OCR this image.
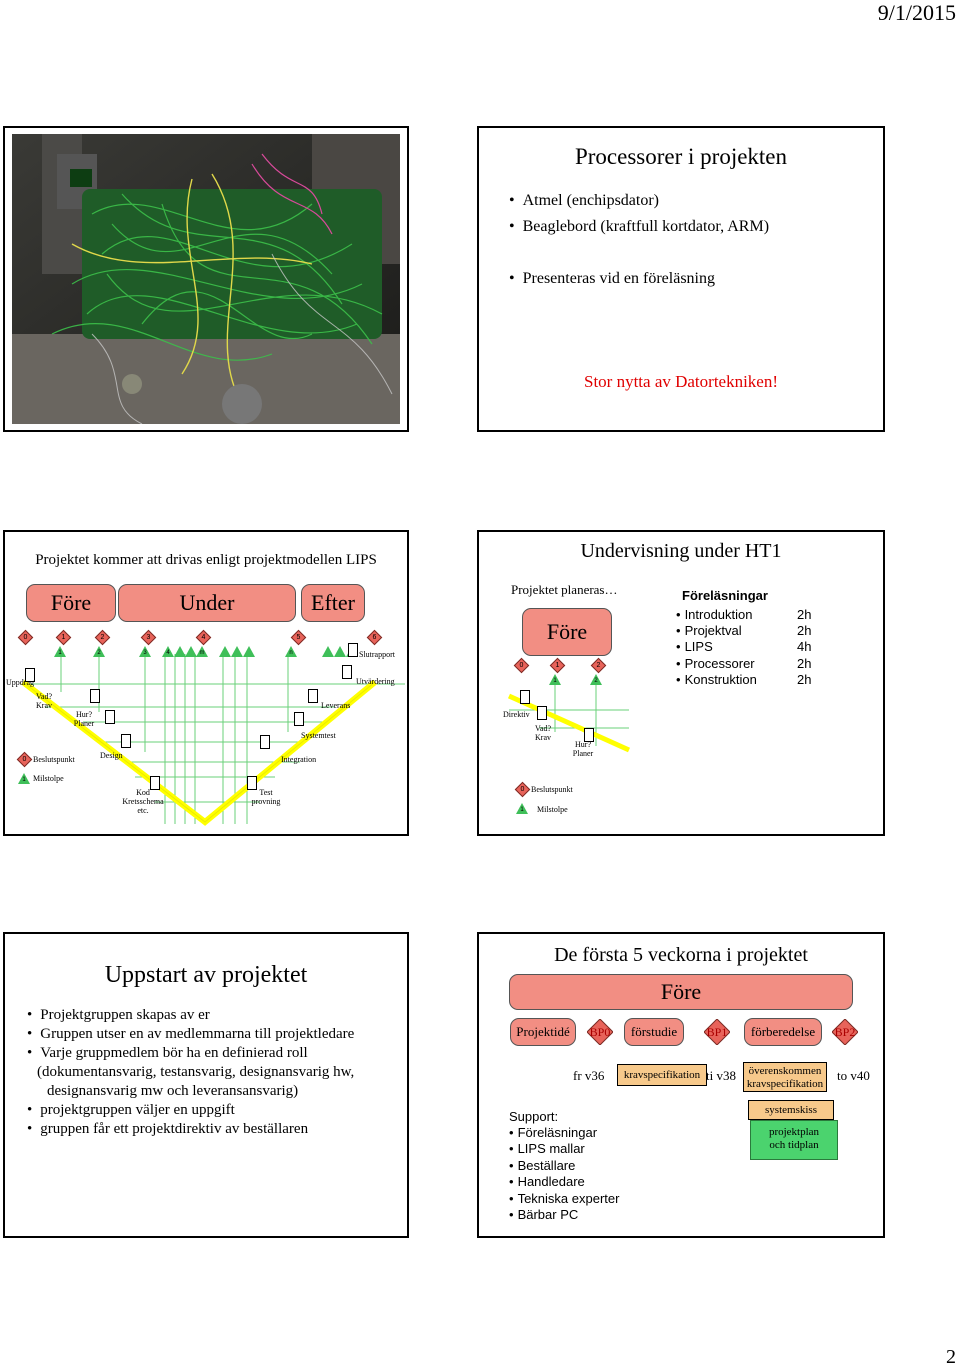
9/1/2015
2
Processorer i projekten
• Atmel (enchipsdator)
• Beaglebord (kraftfull kortdator, ARM)
• Presenteras vid en föreläsning
Stor nytta av Datortekniken!
Projektet kommer att drivas enligt projektmodellen LIPS
Före	Under	Efter
0	1	2	3	4	5	6
1	2	3	4	m	n
Uppdrag
Vad?
Krav
Hur?
Planer
Design
Kod
Kretsschema
etc.
Test
provning
Integration
Systemtest
Leverans
Utvärdering
Slutrapport
0 Beslutspunkt
1 Milstolpe
Undervisning under HT1
Projektet planeras…
Före
0	1	2
1	2
Direktiv
Vad?
Krav
Hur?
Planer
0 Beslutspunkt
1	Milstolpe
Föreläsningar
• Introduktion	2h
• Projektval	2h
• LIPS	4h
• Processorer	2h
• Konstruktion	2h
Uppstart av projektet
• Projektgruppen skapas av er
• Gruppen utser en av medlemmarna till projektledare
• Varje gruppmedlem bör ha en definierad roll
(dokumentansvarig, testansvarig, designansvarig hw,
designansvarig mw och leveransansvarig)
• projektgruppen väljer en uppgift
• gruppen får ett projektdirektiv av beställaren
De första 5 veckorna i projektet
Före
Projektidé	BP0	förstudie	BP1	förberedelse	BP2
fr v36	kravspecifikation ti v38	överenskommen
kravspecifikation
to v40
systemskiss
projektplan
och tidplan
Support:
• Föreläsningar
• LIPS mallar
• Beställare
• Handledare
• Tekniska experter
• Bärbar PC
